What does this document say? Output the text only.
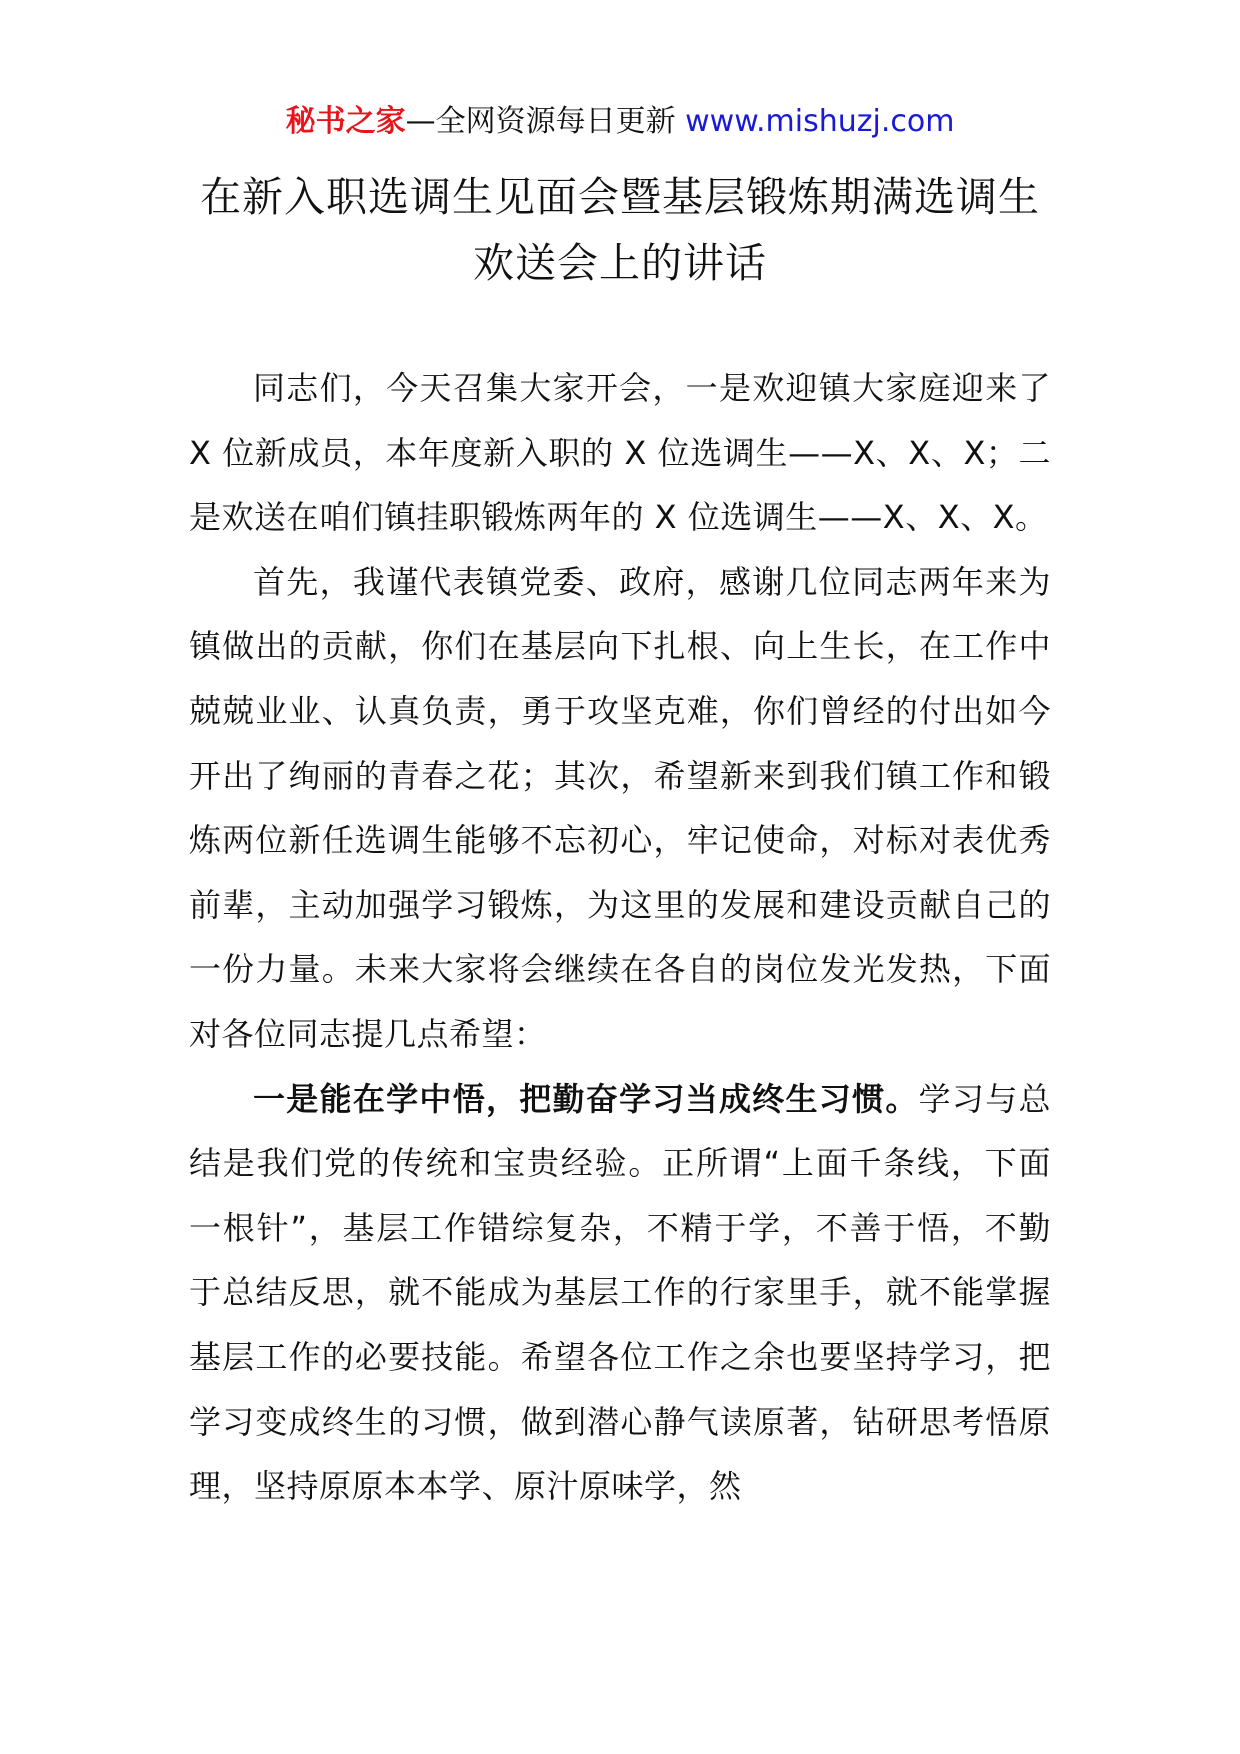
秘书之家—全网资源每日更新 www.mishuzj.com
在新入职选调生见面会暨基层锻炼期满选调生
欢送会上的讲话

同志们，今天召集大家开会，一是欢迎镇大家庭迎来了 X 位新成员，本年度新入职的 X 位选调生——X、X、X；二是欢送在咱们镇挂职锻炼两年的 X 位选调生——X、X、X。

首先，我谨代表镇党委、政府，感谢几位同志两年来为镇做出的贡献，你们在基层向下扎根、向上生长，在工作中兢兢业业、认真负责，勇于攻坚克难，你们曾经的付出如今开出了绚丽的青春之花；其次，希望新来到我们镇工作和锻炼两位新任选调生能够不忘初心，牢记使命，对标对表优秀前辈，主动加强学习锻炼，为这里的发展和建设贡献自己的一份力量。未来大家将会继续在各自的岗位发光发热，下面对各位同志提几点希望：

一是能在学中悟，把勤奋学习当成终生习惯。学习与总结是我们党的传统和宝贵经验。正所谓“上面千条线，下面一根针”，基层工作错综复杂，不精于学，不善于悟，不勤于总结反思，就不能成为基层工作的行家里手，就不能掌握基层工作的必要技能。希望各位工作之余也要坚持学习，把学习变成终生的习惯，做到潜心静气读原著，钻研思考悟原理，坚持原原本本学、原汁原味学，然
